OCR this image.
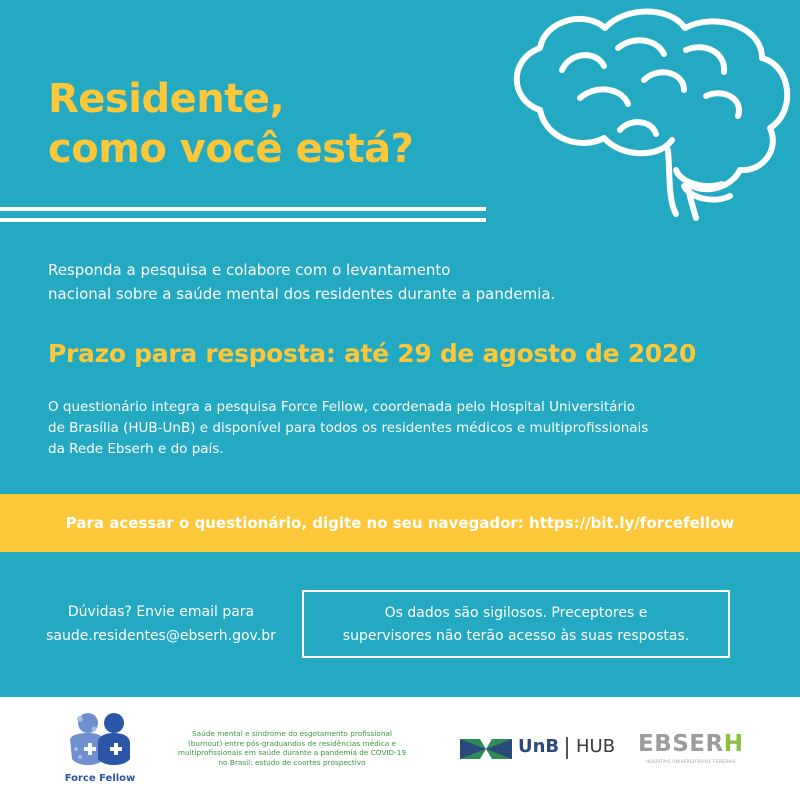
Residente,
como você está?
Responda a pesquisa e colabore com o levantamento
nacional sobre a saúde mental dos residentes durante a pandemia.
Prazo para resposta: até 29 de agosto de 2020
O questionário integra a pesquisa Force Fellow, coordenada pelo Hospital Universitário
de Brasília (HUB-UnB) e disponível para todos os residentes médicos e multiprofissionais
da Rede Ebserh e do país.
Para acessar o questionário, digite no seu navegador: https://bit.ly/forcefellow
Dúvidas? Envie email para
saude.residentes@ebserh.gov.br
Os dados são sigilosos. Preceptores e
supervisores não terão acesso às suas respostas.
Force Fellow
Saúde mental e síndrome do esgotamento profissional
(burnout) entre pós-graduandos de residências médica e
multiprofissionais em saúde durante a pandemia de COVID-19
no Brasil: estudo de coortes prospectivo
UnB HUB EBSERH
HOSPITAIS UNIVERSITÁRIOS FEDERAIS
